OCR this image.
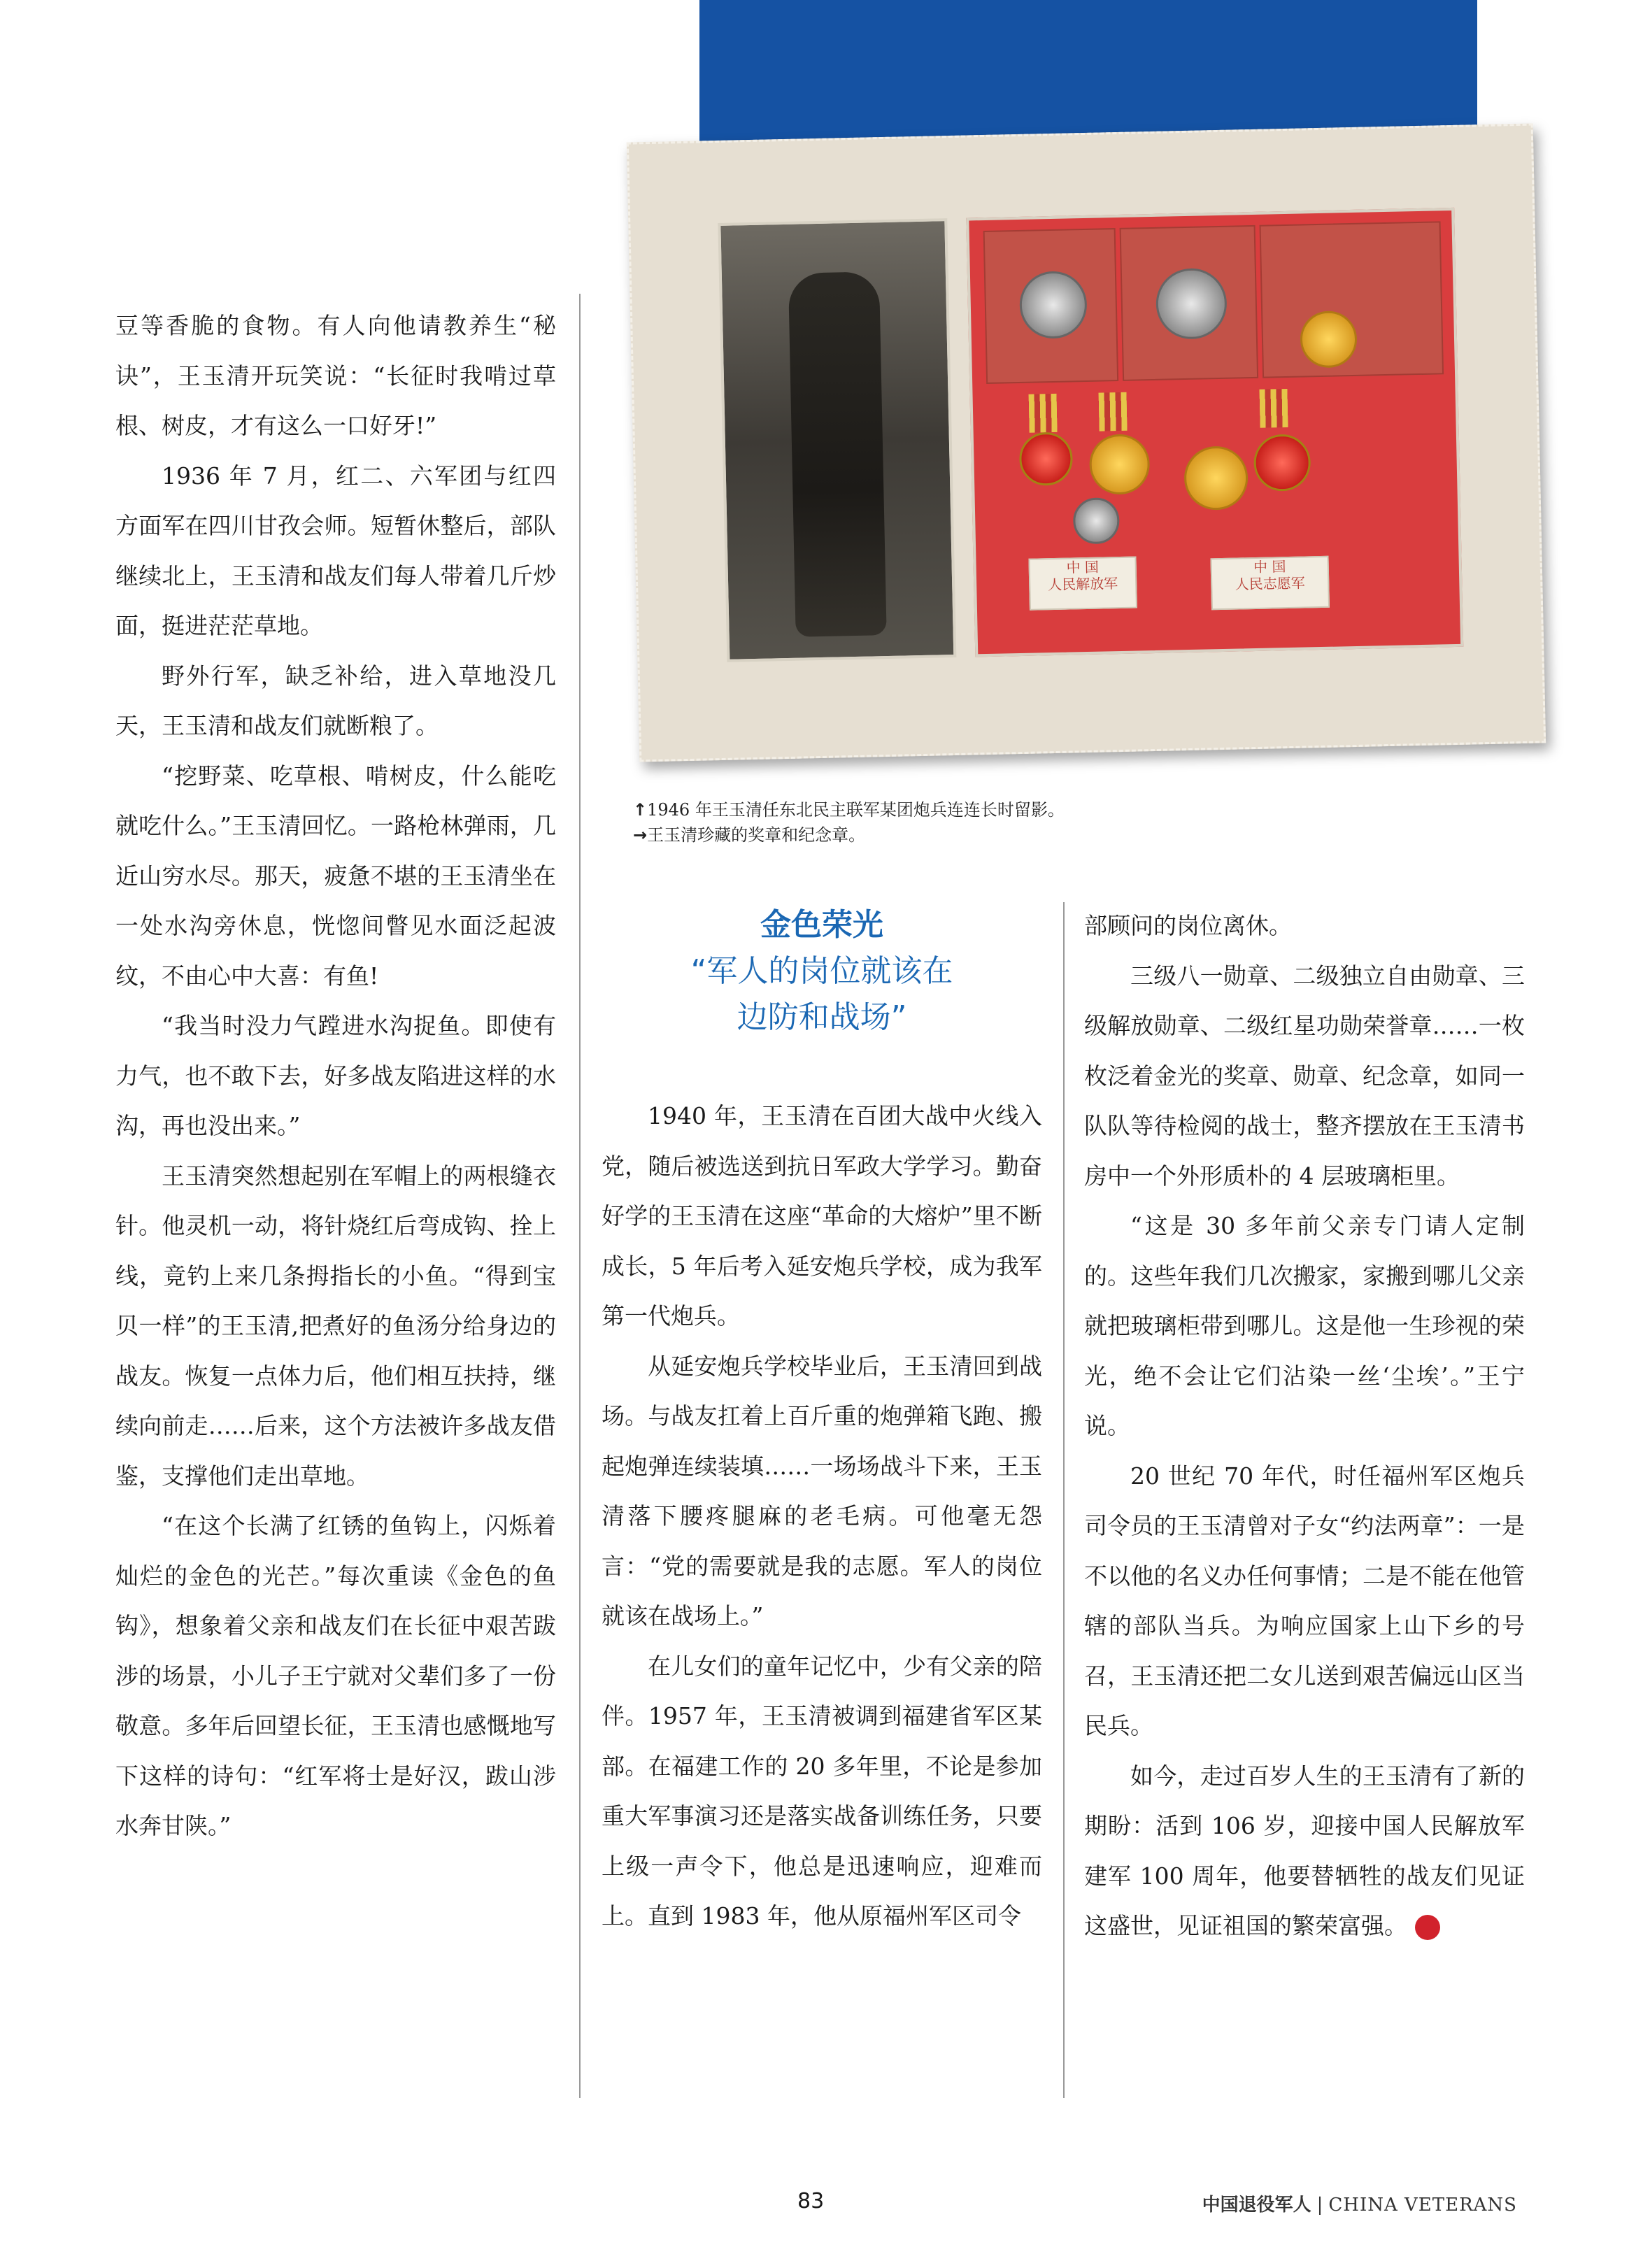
中 国
人民解放军
中 国
人民志愿军
↑1946 年王玉清任东北民主联军某团炮兵连连长时留影。
→王玉清珍藏的奖章和纪念章。

豆等香脆的食物。有人向他请教养生“秘诀”，王玉清开玩笑说：“长征时我啃过草根、树皮，才有这么一口好牙!”

1936 年 7 月，红二、六军团与红四方面军在四川甘孜会师。短暂休整后，部队继续北上，王玉清和战友们每人带着几斤炒面，挺进茫茫草地。

野外行军，缺乏补给，进入草地没几天，王玉清和战友们就断粮了。

“挖野菜、吃草根、啃树皮，什么能吃就吃什么。”王玉清回忆。一路枪林弹雨，几近山穷水尽。那天，疲惫不堪的王玉清坐在一处水沟旁休息，恍惚间瞥见水面泛起波纹，不由心中大喜：有鱼!

“我当时没力气蹚进水沟捉鱼。即使有力气，也不敢下去，好多战友陷进这样的水沟，再也没出来。”

王玉清突然想起别在军帽上的两根缝衣针。他灵机一动，将针烧红后弯成钩、拴上线，竟钓上来几条拇指长的小鱼。“得到宝贝一样”的王玉清,把煮好的鱼汤分给身边的战友。恢复一点体力后，他们相互扶持，继续向前走……后来，这个方法被许多战友借鉴，支撑他们走出草地。

“在这个长满了红锈的鱼钩上，闪烁着灿烂的金色的光芒。”每次重读《金色的鱼钩》，想象着父亲和战友们在长征中艰苦跋涉的场景，小儿子王宁就对父辈们多了一份敬意。多年后回望长征，王玉清也感慨地写下这样的诗句：“红军将士是好汉，跋山涉水奔甘陕。”

金色荣光
“军人的岗位就该在
边防和战场”

1940 年，王玉清在百团大战中火线入党，随后被选送到抗日军政大学学习。勤奋好学的王玉清在这座“革命的大熔炉”里不断成长，5 年后考入延安炮兵学校，成为我军第一代炮兵。

从延安炮兵学校毕业后，王玉清回到战场。与战友扛着上百斤重的炮弹箱飞跑、搬起炮弹连续装填……一场场战斗下来，王玉清落下腰疼腿麻的老毛病。可他毫无怨言：“党的需要就是我的志愿。军人的岗位就该在战场上。”

在儿女们的童年记忆中，少有父亲的陪伴。1957 年，王玉清被调到福建省军区某部。在福建工作的 20 多年里，不论是参加重大军事演习还是落实战备训练任务，只要上级一声令下，他总是迅速响应，迎难而上。直到 1983 年，他从原福州军区司令

部顾问的岗位离休。

三级八一勋章、二级独立自由勋章、三级解放勋章、二级红星功勋荣誉章……一枚枚泛着金光的奖章、勋章、纪念章，如同一队队等待检阅的战士，整齐摆放在王玉清书房中一个外形质朴的 4 层玻璃柜里。

“这是 30 多年前父亲专门请人定制的。这些年我们几次搬家，家搬到哪儿父亲就把玻璃柜带到哪儿。这是他一生珍视的荣光，绝不会让它们沾染一丝‘尘埃’。”王宁说。

20 世纪 70 年代，时任福州军区炮兵司令员的王玉清曾对子女“约法两章”：一是不以他的名义办任何事情；二是不能在他管辖的部队当兵。为响应国家上山下乡的号召，王玉清还把二女儿送到艰苦偏远山区当民兵。

如今，走过百岁人生的王玉清有了新的期盼：活到 106 岁，迎接中国人民解放军建军 100 周年，他要替牺牲的战友们见证这盛世，见证祖国的繁荣富强。	V

83	中国退役军人 | CHINA VETERANS
